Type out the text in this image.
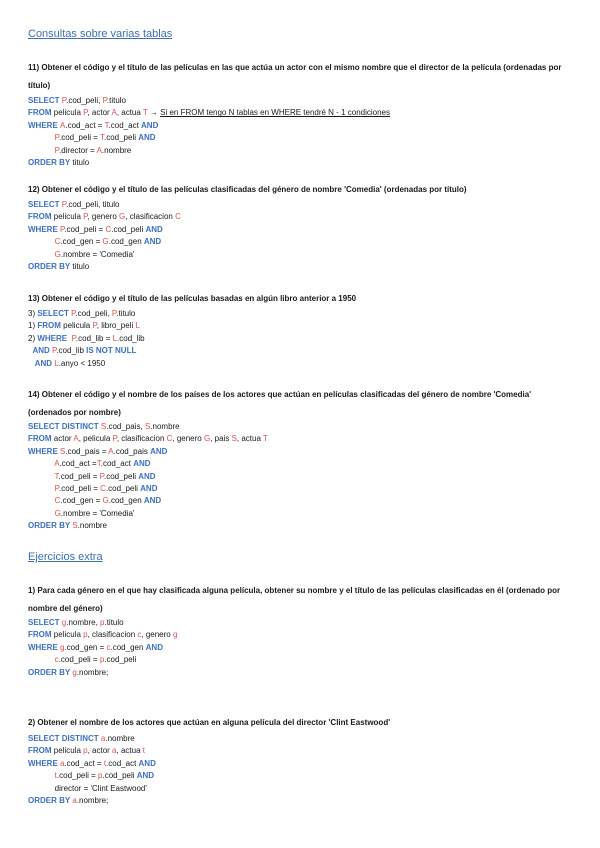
Consultas sobre varias tablas
11) Obtener el código y el título de las películas en las que actúa un actor con el mismo nombre que el director de la película (ordenadas por título)
SELECT P.cod_peli, P.titulo
FROM pelicula P, actor A, actua T → Si en FROM tengo N tablas en WHERE tendré N - 1 condiciones
WHERE A.cod_act = T.cod_act AND
P.cod_peli = T.cod_peli AND
P.director = A.nombre
ORDER BY titulo
12) Obtener el código y el título de las películas clasificadas del género de nombre 'Comedia' (ordenadas por título)
SELECT P.cod_peli, titulo
FROM pelicula P, genero G, clasificacion C
WHERE P.cod_peli = C.cod_peli AND
C.cod_gen = G.cod_gen AND
G.nombre = 'Comedia'
ORDER BY titulo
13) Obtener el código y el título de las películas basadas en algún libro anterior a 1950
3) SELECT P.cod_peli, P.titulo
1) FROM pelicula P, libro_peli L
2) WHERE  P.cod_lib = L.cod_lib
AND P.cod_lib IS NOT NULL
AND L.anyo < 1950
14) Obtener el código y el nombre de los países de los actores que actúan en películas clasificadas del género de nombre 'Comedia' (ordenados por nombre)
SELECT DISTINCT S.cod_pais, S.nombre
FROM actor A, pelicula P, clasificacion C, genero G, pais S, actua T
WHERE S.cod_pais = A.cod_pais AND
A.cod_act =T.cod_act AND
T.cod_peli = P.cod_peli AND
P.cod_peli = C.cod_peli AND
C.cod_gen = G.cod_gen AND
G.nombre = 'Comedia'
ORDER BY S.nombre
Ejercicios extra
1) Para cada género en el que hay clasificada alguna película, obtener su nombre y el título de las películas clasificadas en él (ordenado por nombre del género)
SELECT g.nombre, p.titulo
FROM pelicula p, clasificacion c, genero g
WHERE g.cod_gen = c.cod_gen AND
c.cod_peli = p.cod_peli
ORDER BY g.nombre;
2) Obtener el nombre de los actores que actúan en alguna película del director 'Clint Eastwood'
SELECT DISTINCT a.nombre
FROM pelicula p, actor a, actua t
WHERE a.cod_act = t.cod_act AND
t.cod_peli = p.cod_peli AND
director = 'Clint Eastwood'
ORDER BY a.nombre;
